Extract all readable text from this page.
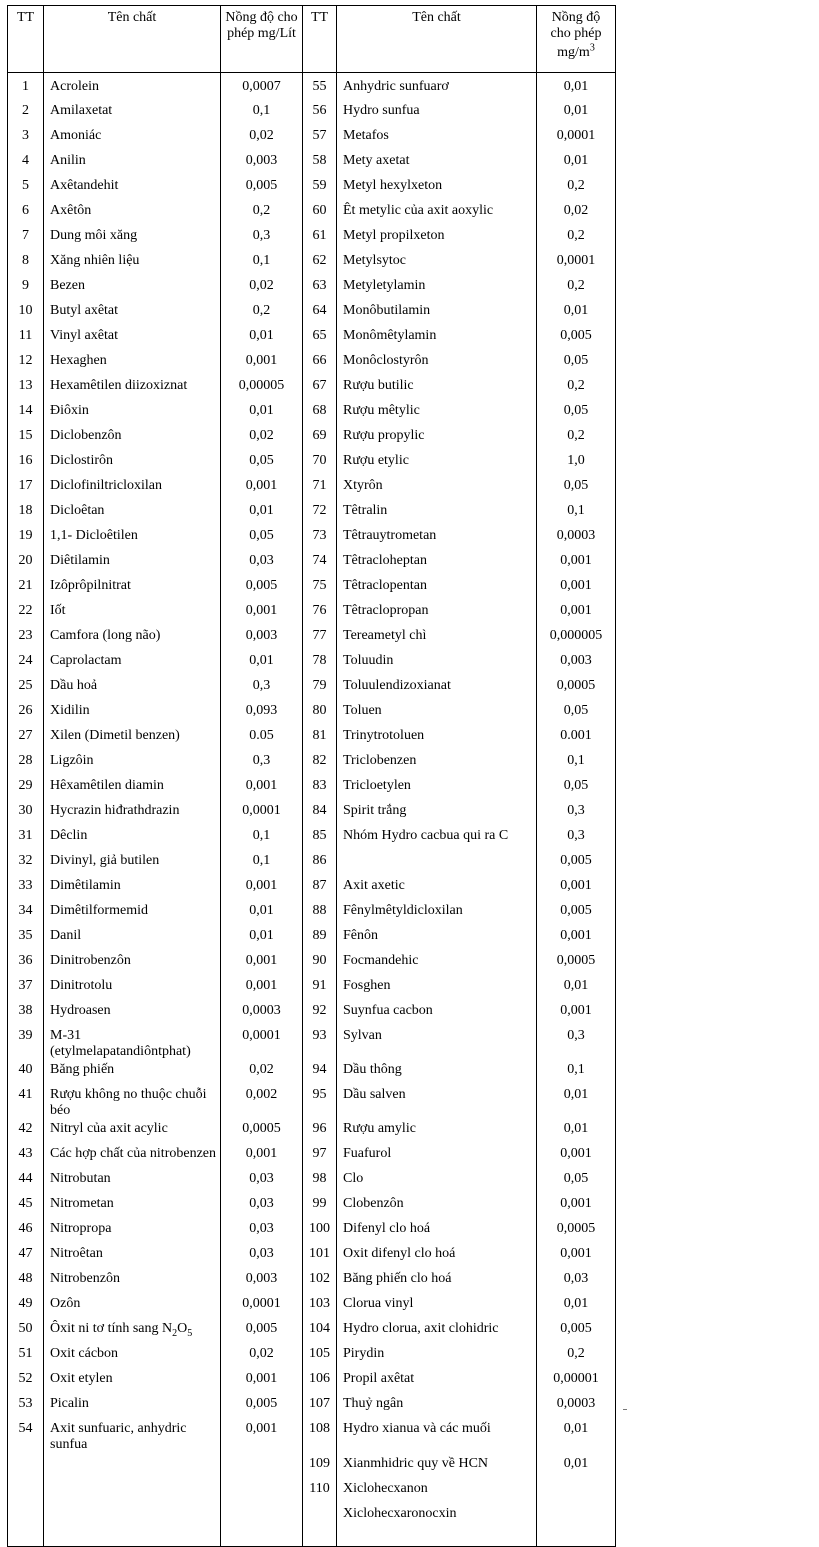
TT	Tên chất	Nồng độ cho phép mg/Lít	TT	Tên chất	Nồng độ cho phép $mg/m^3$
1	Acrolein	0,0007	55	Anhydric sunfuarơ	0,01
2	Amilaxetat	0,1	56	Hydro sunfua	0,01
3	Amoniác	0,02	57	Metafos	0,0001
4	Anilin	0,003	58	Mety axetat	0,01
5	Axêtandehit	0,005	59	Metyl hexylxeton	0,2
6	Axêtôn	0,2	60	Êt metylic của axit aoxylic	0,02
7	Dung môi xăng	0,3	61	Metyl propilxeton	0,2
8	Xăng nhiên liệu	0,1	62	Metylsytoc	0,0001
9	Bezen	0,02	63	Metyletylamin	0,2
10	Butyl axêtat	0,2	64	Monôbutilamin	0,01
11	Vinyl axêtat	0,01	65	Monômêtylamin	0,005
12	Hexaghen	0,001	66	Monôclostyrôn	0,05
13	Hexamêtilen diizoxiznat	0,00005	67	Rượu butilic	0,2
14	Điôxin	0,01	68	Rượu mêtylic	0,05
15	Diclobenzôn	0,02	69	Rượu propylic	0,2
16	Diclostirôn	0,05	70	Rượu etylic	1,0
17	Diclofiniltricloxilan	0,001	71	Xtyrôn	0,05
18	Dicloêtan	0,01	72	Têtralin	0,1
19	1,1- Dicloêtilen	0,05	73	Têtrauytrometan	0,0003
20	Diêtilamin	0,03	74	Têtracloheptan	0,001
21	Izôprôpilnitrat	0,005	75	Têtraclopentan	0,001
22	Iốt	0,001	76	Têtraclopropan	0,001
23	Camfora (long não)	0,003	77	Tereametyl chì	0,000005
24	Caprolactam	0,01	78	Toluudin	0,003
25	Dầu hoả	0,3	79	Toluulendizoxianat	0,0005
26	Xidilin	0,093	80	Toluen	0,05
27	Xilen (Dimetil benzen)	0.05	81	Trinytrotoluen	0.001
28	Ligzôin	0,3	82	Triclobenzen	0,1
29	Hêxamêtilen diamin	0,001	83	Tricloetylen	0,05
30	Hycrazin hiđrathdrazin	0,0001	84	Spirit trắng	0,3
31	Dêclin	0,1	85	Nhóm Hydro cacbua qui ra C	0,3
32	Divinyl, giả butilen	0,1	86		0,005
33	Dimêtilamin	0,001	87	Axit axetic	0,001
34	Dimêtilformemid	0,01	88	Fênylmêtyldicloxilan	0,005
35	Danil	0,01	89	Fênôn	0,001
36	Dinitrobenzôn	0,001	90	Focmandehic	0,0005
37	Dinitrotolu	0,001	91	Fosghen	0,01
38	Hydroasen	0,0003	92	Suynfua cacbon	0,001
39	M-31 (etylmelapatandiôntphat)	0,0001	93	Sylvan	0,3
40	Băng phiến	0,02	94	Dầu thông	0,1
41	Rượu không no thuộc chuỗi béo	0,002	95	Dầu salven	0,01
42	Nitryl của axit acylic	0,0005	96	Rượu amylic	0,01
43	Các hợp chất của nitrobenzen	0,001	97	Fuafurol	0,001
44	Nitrobutan	0,03	98	Clo	0,05
45	Nitrometan	0,03	99	Clobenzôn	0,001
46	Nitropropa	0,03	100	Difenyl clo hoá	0,0005
47	Nitroêtan	0,03	101	Oxit difenyl clo hoá	0,001
48	Nitrobenzôn	0,003	102	Băng phiến clo hoá	0,03
49	Ozôn	0,0001	103	Clorua vinyl	0,01
50	Ôxit ni tơ tính sang $N_2O_5$	0,005	104	Hydro clorua, axit clohidric	0,005
51	Oxit cácbon	0,02	105	Pirydin	0,2
52	Oxit etylen	0,001	106	Propil axêtat	0,00001
53	Picalin	0,005	107	Thuỷ ngân	0,0003
54	Axit sunfuaric, anhydric sunfua	0,001	108	Hydro xianua và các muối	0,01
			109	Xianmhidric quy về HCN	0,01
			110	Xiclohecxanon	
				Xiclohecxaronocxin	
